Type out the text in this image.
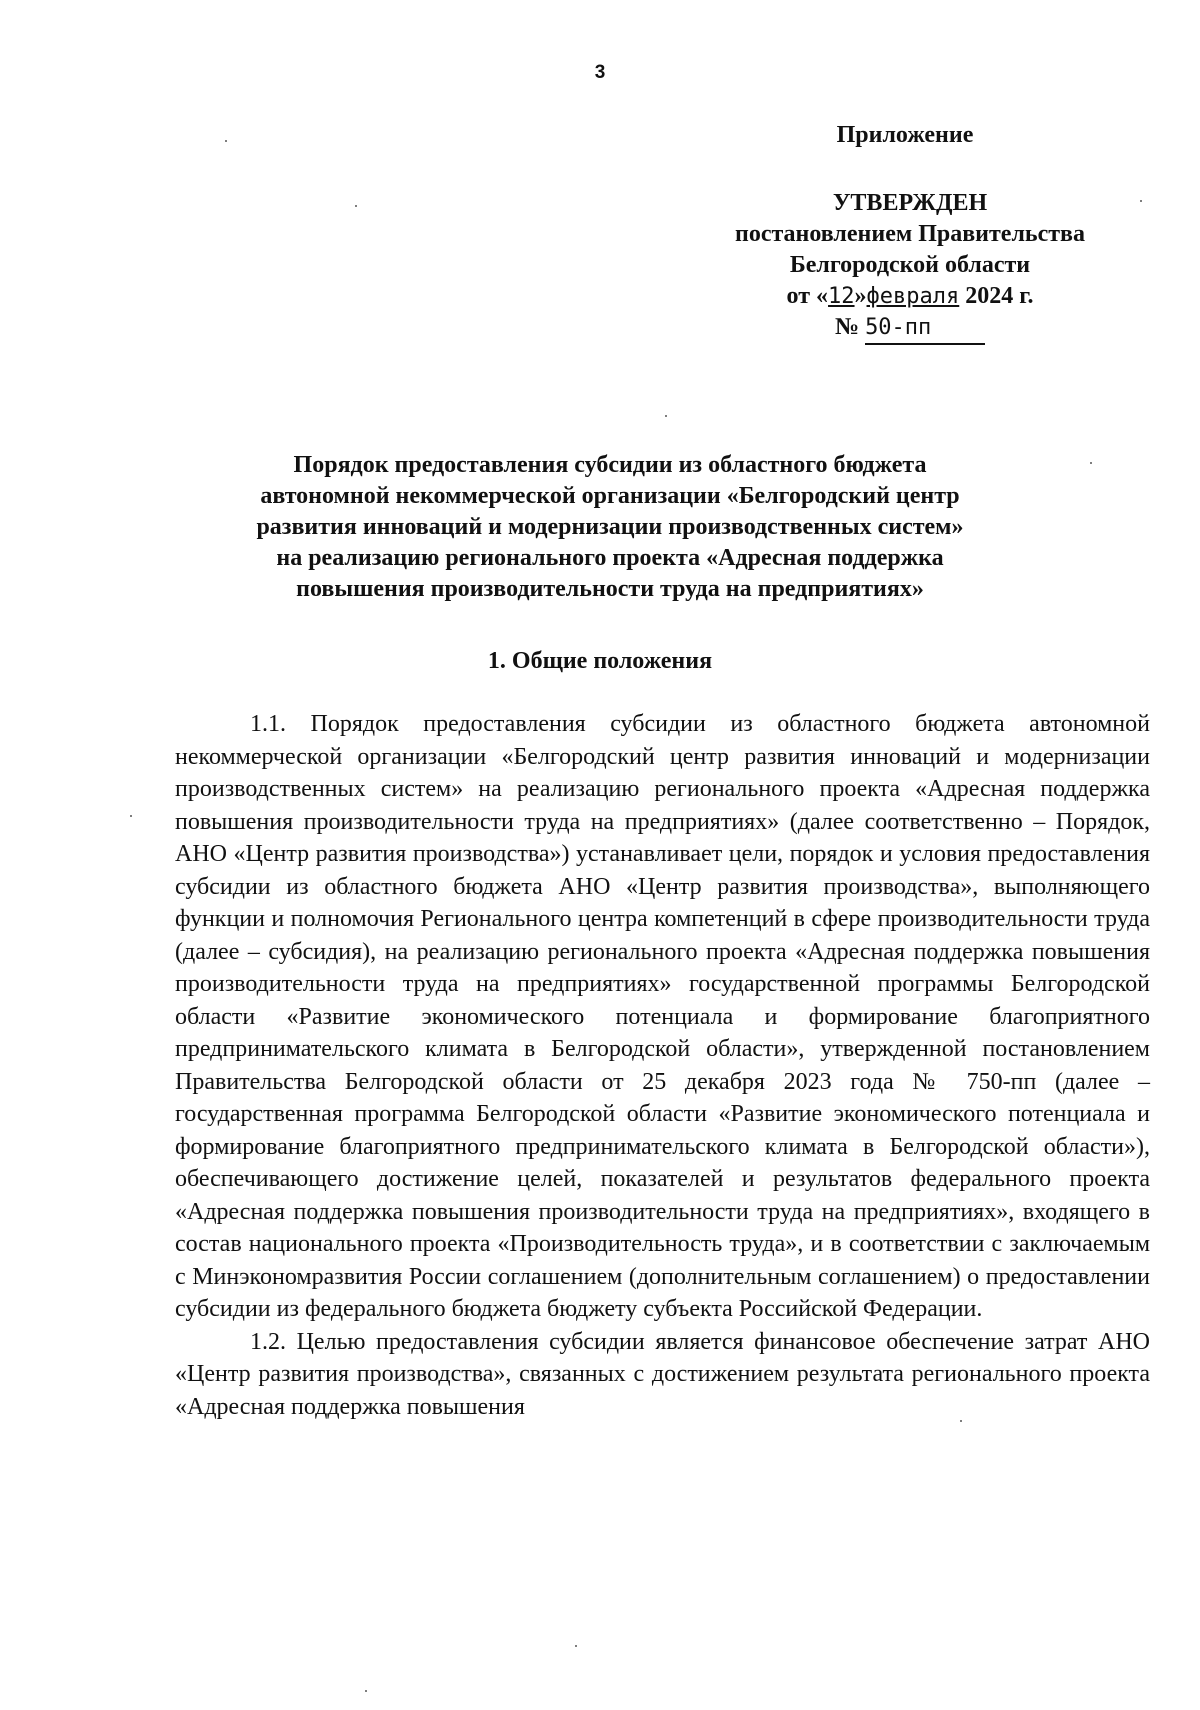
3
Приложение
УТВЕРЖДЕН
постановлением Правительства
Белгородской области
от «12»февраля 2024 г.
№ 50-пп
Порядок предоставления субсидии из областного бюджета
автономной некоммерческой организации «Белгородский центр
развития инноваций и модернизации производственных систем»
на реализацию регионального проекта «Адресная поддержка
повышения производительности труда на предприятиях»
1. Общие положения

1.1. Порядок предоставления субсидии из областного бюджета автономной некоммерческой организации «Белгородский центр развития инноваций и модернизации производственных систем» на реализацию регионального проекта «Адресная поддержка повышения производительности труда на предприятиях» (далее соответственно – Порядок, АНО «Центр развития производства») устанавливает цели, порядок и условия предоставления субсидии из областного бюджета АНО «Центр развития производства», выполняющего функции и полномочия Регионального центра компетенций в сфере производительности труда (далее – субсидия), на реализацию регионального проекта «Адресная поддержка повышения производительности труда на предприятиях» государственной программы Белгородской области «Развитие экономического потенциала и формирование благоприятного предпринимательского климата в Белгородской области», утвержденной постановлением Правительства Белгородской области от 25 декабря 2023 года № 750-пп (далее – государственная программа Белгородской области «Развитие экономического потенциала и формирование благоприятного предпринимательского климата в Белгородской области»), обеспечивающего достижение целей, показателей и результатов федерального проекта «Адресная поддержка повышения производительности труда на предприятиях», входящего в состав национального проекта «Производительность труда», и в соответствии с заключаемым с Минэкономразвития России соглашением (дополнительным соглашением) о предоставлении субсидии из федерального бюджета бюджету субъекта Российской Федерации.

1.2. Целью предоставления субсидии является финансовое обеспечение затрат АНО «Центр развития производства», связанных с достижением результата регионального проекта «Адресная поддержка повышения
